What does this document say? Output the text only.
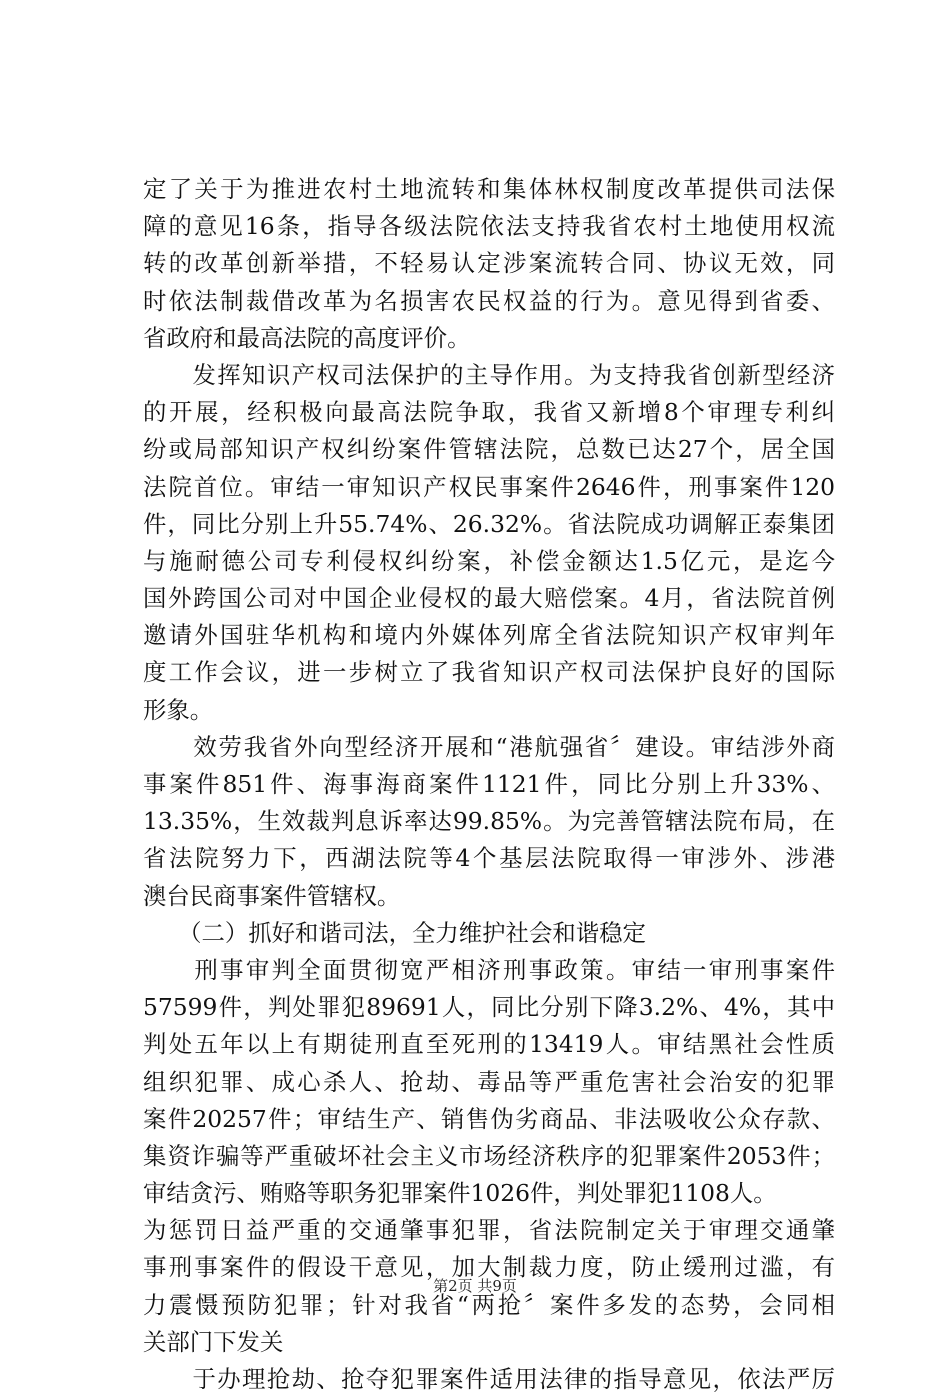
定了关于为推进农村土地流转和集体林权制度改革提供司法保
障的意见16条，指导各级法院依法支持我省农村土地使用权流
转的改革创新举措，不轻易认定涉案流转合同、协议无效，同
时依法制裁借改革为名损害农民权益的行为。意见得到省委、
省政府和最高法院的高度评价。
　　发挥知识产权司法保护的主导作用。为支持我省创新型经济
的开展，经积极向最高法院争取，我省又新增8个审理专利纠
纷或局部知识产权纠纷案件管辖法院，总数已达27个，居全国
法院首位。审结一审知识产权民事案件2646件，刑事案件120
件，同比分别上升55.74%、26.32%。省法院成功调解正泰集团
与施耐德公司专利侵权纠纷案，补偿金额达1.5亿元，是迄今
国外跨国公司对中国企业侵权的最大赔偿案。4月，省法院首例
邀请外国驻华机构和境内外媒体列席全省法院知识产权审判年
度工作会议，进一步树立了我省知识产权司法保护良好的国际
形象。
　　效劳我省外向型经济开展和“港航强省〞建设。审结涉外商
事案件851件、海事海商案件1121件，同比分别上升33%、
13.35%，生效裁判息诉率达99.85%。为完善管辖法院布局，在
省法院努力下，西湖法院等4个基层法院取得一审涉外、涉港
澳台民商事案件管辖权。
　　（二）抓好和谐司法，全力维护社会和谐稳定
　　刑事审判全面贯彻宽严相济刑事政策。审结一审刑事案件
57599件，判处罪犯89691人，同比分别下降3.2%、4%，其中
判处五年以上有期徒刑直至死刑的13419人。审结黑社会性质
组织犯罪、成心杀人、抢劫、毒品等严重危害社会治安的犯罪
案件20257件；审结生产、销售伪劣商品、非法吸收公众存款、
集资诈骗等严重破坏社会主义市场经济秩序的犯罪案件2053件；
审结贪污、贿赂等职务犯罪案件1026件，判处罪犯1108人。
为惩罚日益严重的交通肇事犯罪，省法院制定关于审理交通肇
事刑事案件的假设干意见，加大制裁力度，防止缓刑过滥，有
力震慑预防犯罪；针对我省“两抢〞案件多发的态势，会同相
关部门下发关
　　于办理抢劫、抢夺犯罪案件适用法律的指导意见，依法严厉
第2页 共9页
